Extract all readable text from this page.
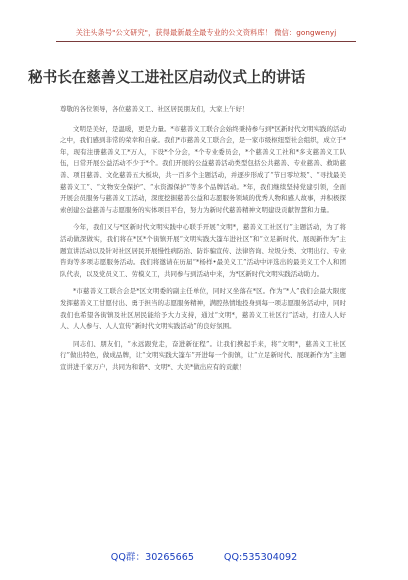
关注头条号"公文研究"，获得最新最全最专业的公文资料库！ 微信：gongwenyj
秘书长在慈善义工进社区启动仪式上的讲话

尊敬的各位领导，各位慈善义工、社区居民朋友们，大家上午好！

文明是美好，是温暖，更是力量。*市慈善义工联合会始终秉持参与到*区新时代文明实践的活动之中，我们感到非常的荣幸和自豪。我们*市慈善义工联合会，是一家市级枢纽型社会组织，成立于*年，现有注册慈善义工*万人，下设*个分会，*个专业委员会，*个慈善义工社和*多支慈善义工队伍，日常开展公益活动不少于*个。我们开展的公益慈善活动类型包括公共慈善、专业慈善、救助慈善、项目慈善、文化慈善五大板块，共一百多个主题活动，并逐步形成了“节日零垃圾”、“寻找最美慈善义工”、“文物安全保护”、“水资源保护”等多个品牌活动。*年，我们继续坚持党建引领，全面开展会员服务与慈善义工活动，深度挖掘慈善公益和志愿服务领域的优秀人物和感人故事，并积极探索创建公益慈善与志愿服务的实体项目平台，努力为新时代慈善精神文明建设贡献智慧和力量。

今年，我们又与*区新时代文明实践中心联手开展“文明*，慈善义工社区行”主题活动，为了将活动做深做实，我们将在*区*个街镇开展“文明实践大篷车进社区”和“立足新时代、展现新作为”主题宣讲活动以及针对社区居民开展慢性病防治、防诈骗宣传、法律咨询、垃圾分类、文明出行、专业咨询等多项志愿服务活动。我们将邀请在历届“*杨样•最美义工”活动中评选出的最美义工个人和团队代表，以及党员义工、劳模义工，共同参与到活动中来，为*区新时代文明实践活动助力。

*市慈善义工联合会是*区文明委的副主任单位，同时又坐落在*区。作为“*人”我们会最大限度发挥慈善义工甘愿付出、勇于担当的志愿服务精神，满腔热情地投身到每一项志愿服务活动中，同时我们也希望各街镇及社区居民能给予大力支持，通过“文明*，慈善义工社区行”活动，打造人人好人、人人参与、人人宣传“新时代文明实践活动”的良好氛围。

同志们、朋友们，“永远跟党走，奋进新征程”。让我们携起手来，将“文明*，慈善义工社区行”做出特色，做成品牌，让“文明实践大篷车”开进每一个街镇，让“立足新时代、展现新作为”主题宣讲进千家万户，共同为和谐*、文明*、大美*做出应有的贡献！

QQ群：30265665	QQ:535304092
